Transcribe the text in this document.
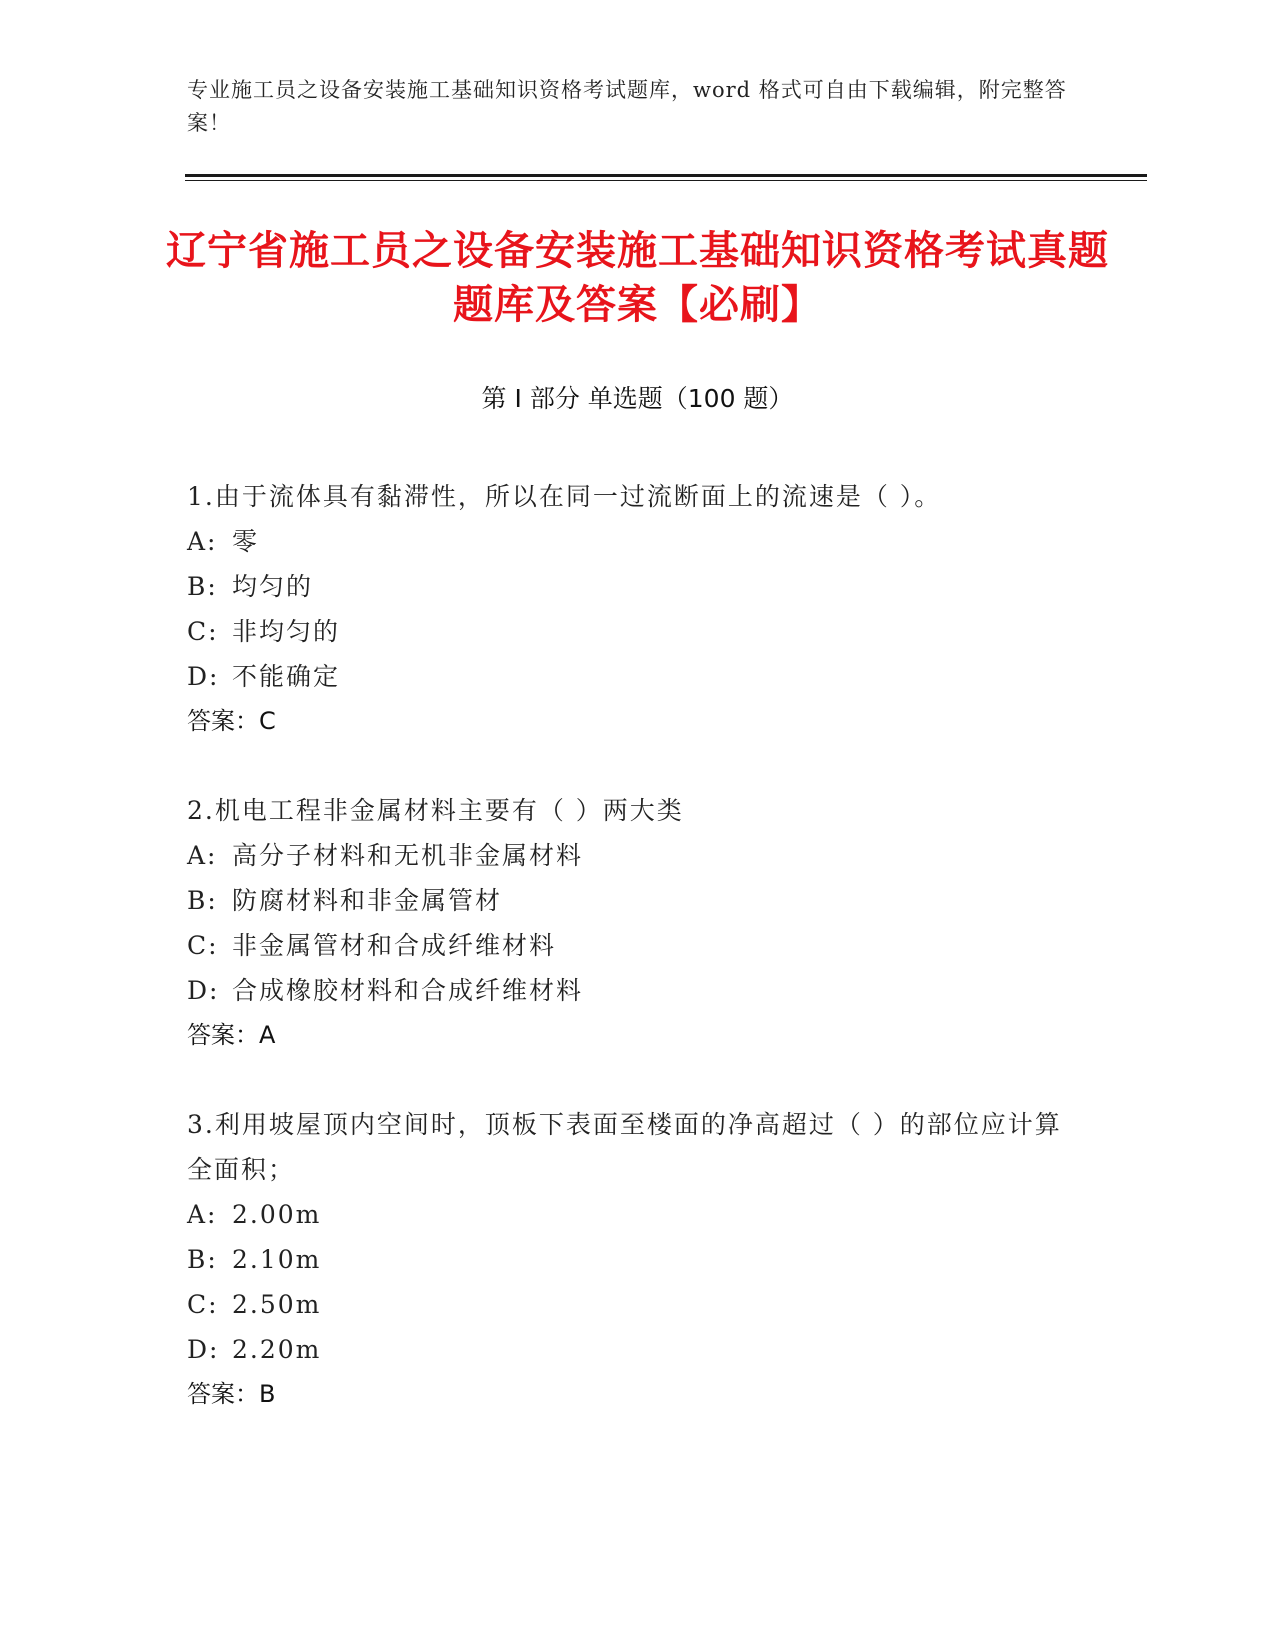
专业施工员之设备安装施工基础知识资格考试题库，word 格式可自由下载编辑，附完整答案！
辽宁省施工员之设备安装施工基础知识资格考试真题题库及答案【必刷】
第 I 部分 单选题（100 题）
1.由于流体具有黏滞性，所以在同一过流断面上的流速是（ ）。
A: 零
B: 均匀的
C: 非均匀的
D: 不能确定
答案：C
2.机电工程非金属材料主要有（ ）两大类
A: 高分子材料和无机非金属材料
B: 防腐材料和非金属管材
C: 非金属管材和合成纤维材料
D: 合成橡胶材料和合成纤维材料
答案：A
3.利用坡屋顶内空间时，顶板下表面至楼面的净高超过（ ）的部位应计算全面积；
A: 2.00m
B: 2.10m
C: 2.50m
D: 2.20m
答案：B
